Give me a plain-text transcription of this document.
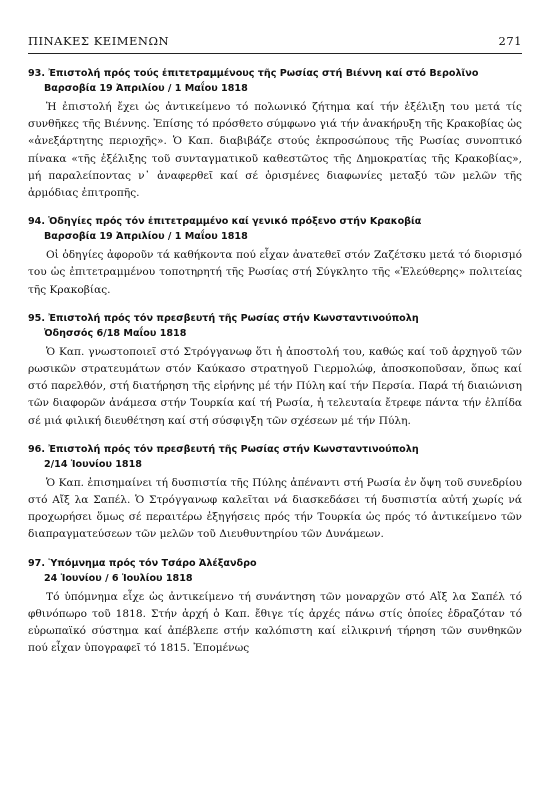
ΠΙΝΑΚΕΣ ΚΕΙΜΕΝΩΝ	271

93. Ἐπιστολή πρός τούς ἐπιτετραμμένους τῆς Ρωσίας στή Βιέννη καί στό Βερολῖνο

Βαρσοβία 19 Ἀπριλίου / 1 Μαΐου 1818

Ἡ ἐπιστολή ἔχει ὡς ἀντικείμενο τό πολωνικό ζήτημα καί τήν ἐξέλιξη του μετά τίς συνθῆκες τῆς Βιέννης. Ἐπίσης τό πρόσθετο σύμφωνο γιά τήν ἀνακήρυξη τῆς Κρακοβίας ὡς «ἀνεξάρτητης περιοχῆς». Ὁ Καπ. διαβιβάζε στούς ἐκπροσώπους τῆς Ρωσίας συνοπτικό πίνακα «τῆς ἐξέλιξης τοῦ συνταγματικοῦ καθεστῶτος τῆς Δημοκρατίας τῆς Κρακοβίας», μή παραλείποντας ν᾿ ἀναφερθεῖ καί σέ ὁρισμένες διαφωνίες μεταξύ τῶν μελῶν τῆς ἁρμόδιας ἐπιτροπῆς.

94. Ὁδηγίες πρός τόν ἐπιτετραμμένο καί γενικό πρόξενο στήν Κρακοβία

Βαρσοβία 19 Ἀπριλίου / 1 Μαΐου 1818

Οἱ ὁδηγίες ἀφοροῦν τά καθήκοντα πού εἶχαν ἀνατεθεῖ στόν Ζαζέτσκυ μετά τό διορισμό του ὡς ἐπιτετραμμένου τοποτηρητή τῆς Ρωσίας στή Σύγκλητο τῆς «Ἐλεύθερης» πολιτείας τῆς Κρακοβίας.

95. Ἐπιστολή πρός τόν πρεσβευτή τῆς Ρωσίας στήν Κωνσταντινούπολη

Ὀδησσός 6/18 Μαΐου 1818

Ὁ Καπ. γνωστοποιεῖ στό Στρόγγανωφ ὅτι ἡ ἀποστολή του, καθώς καί τοῦ ἀρχηγοῦ τῶν ρωσικῶν στρατευμάτων στόν Καύκασο στρατηγοῦ Γιερμολώφ, ἀποσκοποῦσαν, ὅπως καί στό παρελθόν, στή διατήρηση τῆς εἰρήνης μέ τήν Πύλη καί τήν Περσία. Παρά τή διαιώνιση τῶν διαφορῶν ἀνάμεσα στήν Τουρκία καί τή Ρωσία, ἡ τελευταία ἔτρεφε πάντα τήν ἐλπίδα σέ μιά φιλική διευθέτηση καί στή σύσφιγξη τῶν σχέσεων μέ τήν Πύλη.

96. Ἐπιστολή πρός τόν πρεσβευτή τῆς Ρωσίας στήν Κωνσταντινούπολη

2/14 Ἰουνίου 1818

Ὁ Καπ. ἐπισημαίνει τή δυσπιστία τῆς Πύλης ἀπέναντι στή Ρωσία ἐν ὄψη τοῦ συνεδρίου στό Αἴξ λα Σαπέλ. Ὁ Στρόγγανωφ καλεῖται νά διασκεδάσει τή δυσπιστία αὐτή χωρίς νά προχωρήσει ὅμως σέ περαιτέρω ἐξηγήσεις πρός τήν Τουρκία ὡς πρός τό ἀντικείμενο τῶν διαπραγματεύσεων τῶν μελῶν τοῦ Διευθυντηρίου τῶν Δυνάμεων.

97. Ὑπόμνημα πρός τόν Τσάρο Ἀλέξανδρο

24 Ἰουνίου / 6 Ἰουλίου 1818

Τό ὑπόμνημα εἶχε ὡς ἀντικείμενο τή συνάντηση τῶν μοναρχῶν στό Αἴξ λα Σαπέλ τό φθινόπωρο τοῦ 1818. Στήν ἀρχή ὁ Καπ. ἔθιγε τίς ἀρχές πάνω στίς ὁποίες ἑδραζόταν τό εὐρωπαϊκό σύστημα καί ἀπέβλεπε στήν καλόπιστη καί εἰλικρινή τήρηση τῶν συνθηκῶν πού εἶχαν ὑπογραφεῖ τό 1815. Ἐπομένως
